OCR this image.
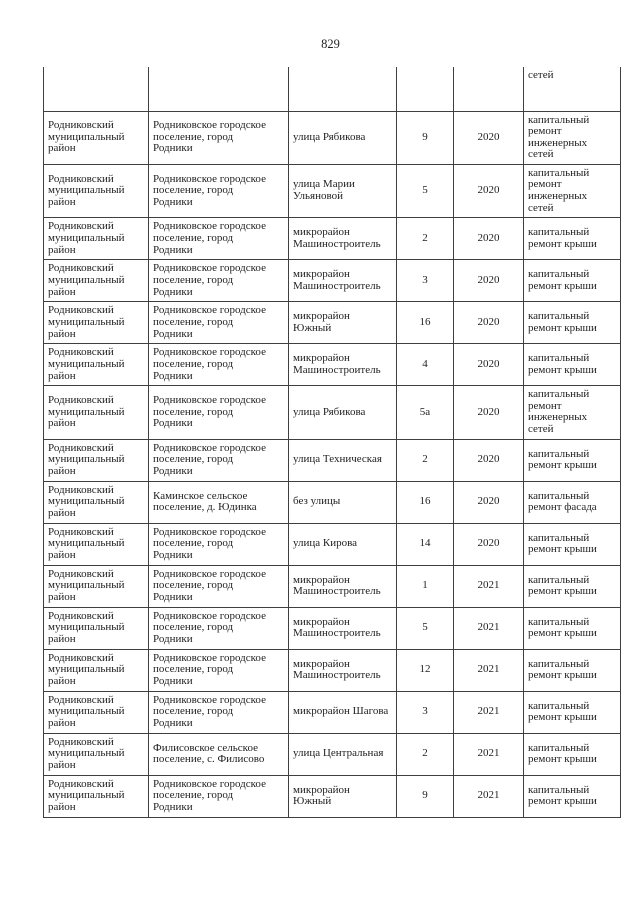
829
					сетей
Родниковский муниципальный район	Родниковское городское поселение, город Родники	улица Рябикова	9	2020	капитальный ремонт инженерных сетей
Родниковский муниципальный район	Родниковское городское поселение, город Родники	улица Марии Ульяновой	5	2020	капитальный ремонт инженерных сетей
Родниковский муниципальный район	Родниковское городское поселение, город Родники	микрорайон Машиностроитель	2	2020	капитальный ремонт крыши
Родниковский муниципальный район	Родниковское городское поселение, город Родники	микрорайон Машиностроитель	3	2020	капитальный ремонт крыши
Родниковский муниципальный район	Родниковское городское поселение, город Родники	микрорайон Южный	16	2020	капитальный ремонт крыши
Родниковский муниципальный район	Родниковское городское поселение, город Родники	микрорайон Машиностроитель	4	2020	капитальный ремонт крыши
Родниковский муниципальный район	Родниковское городское поселение, город Родники	улица Рябикова	5а	2020	капитальный ремонт инженерных сетей
Родниковский муниципальный район	Родниковское городское поселение, город Родники	улица Техническая	2	2020	капитальный ремонт крыши
Родниковский муниципальный район	Каминское сельское поселение, д. Юдинка	без улицы	16	2020	капитальный ремонт фасада
Родниковский муниципальный район	Родниковское городское поселение, город Родники	улица Кирова	14	2020	капитальный ремонт крыши
Родниковский муниципальный район	Родниковское городское поселение, город Родники	микрорайон Машиностроитель	1	2021	капитальный ремонт крыши
Родниковский муниципальный район	Родниковское городское поселение, город Родники	микрорайон Машиностроитель	5	2021	капитальный ремонт крыши
Родниковский муниципальный район	Родниковское городское поселение, город Родники	микрорайон Машиностроитель	12	2021	капитальный ремонт крыши
Родниковский муниципальный район	Родниковское городское поселение, город Родники	микрорайон Шагова	3	2021	капитальный ремонт крыши
Родниковский муниципальный район	Филисовское сельское поселение, с. Филисово	улица Центральная	2	2021	капитальный ремонт крыши
Родниковский муниципальный район	Родниковское городское поселение, город Родники	микрорайон Южный	9	2021	капитальный ремонт крыши
